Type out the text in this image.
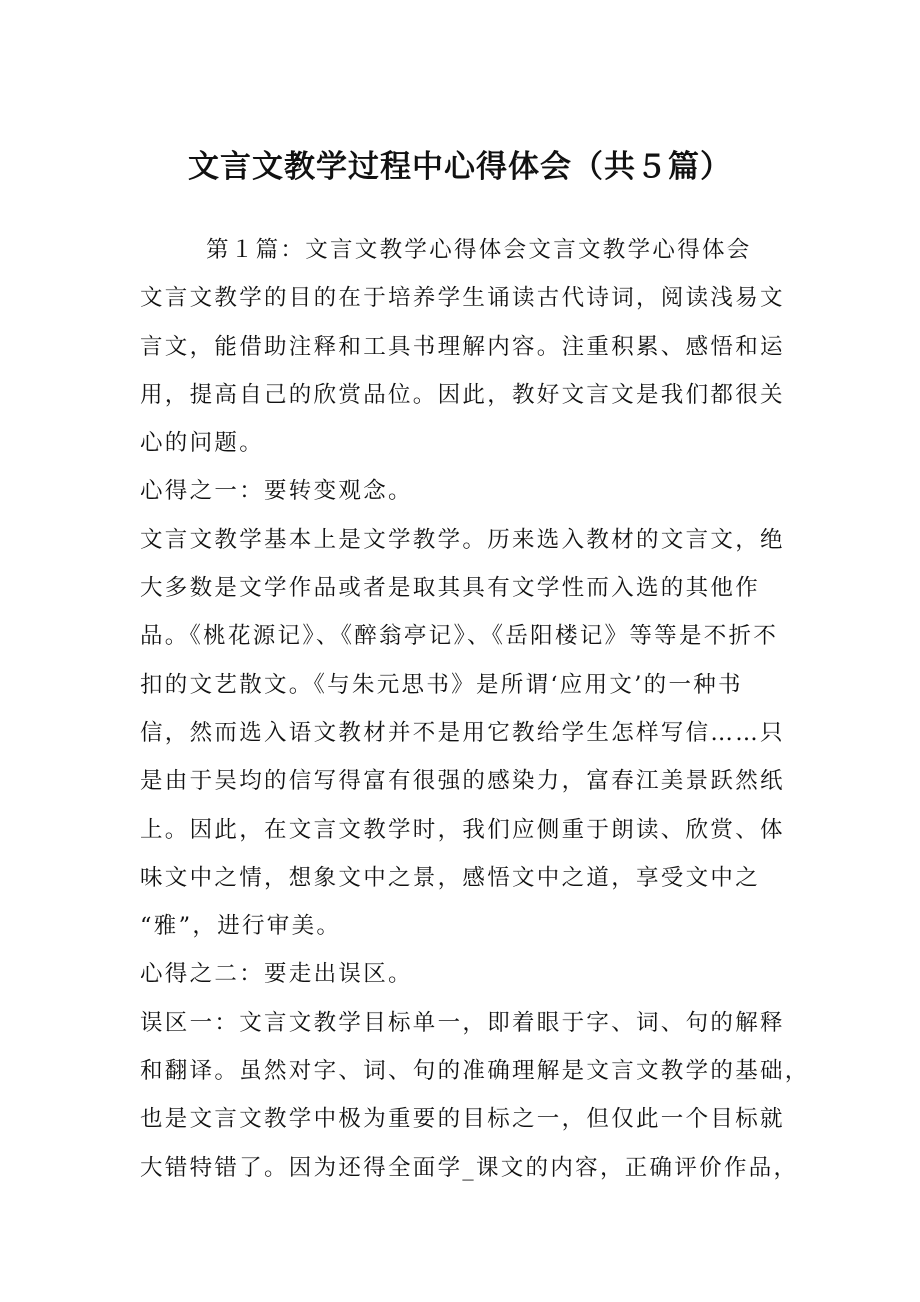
文言文教学过程中心得体会（共５篇）

第１篇：文言文教学心得体会文言文教学心得体会

文言文教学的目的在于培养学生诵读古代诗词，阅读浅易文

言文，能借助注释和工具书理解内容。注重积累、感悟和运

用，提高自己的欣赏品位。因此，教好文言文是我们都很关

心的问题。

心得之一：要转变观念。

文言文教学基本上是文学教学。历来选入教材的文言文，绝

大多数是文学作品或者是取其具有文学性而入选的其他作

品。《桃花源记》、《醉翁亭记》、《岳阳楼记》等等是不折不

扣的文艺散文。《与朱元思书》是所谓‘应用文’的一种书

信，然而选入语文教材并不是用它教给学生怎样写信……只

是由于吴均的信写得富有很强的感染力，富春江美景跃然纸

上。因此，在文言文教学时，我们应侧重于朗读、欣赏、体

味文中之情，想象文中之景，感悟文中之道，享受文中之

“雅”，进行审美。

心得之二：要走出误区。

误区一：文言文教学目标单一，即着眼于字、词、句的解释

和翻译。虽然对字、词、句的准确理解是文言文教学的基础，

也是文言文教学中极为重要的目标之一，但仅此一个目标就

大错特错了。因为还得全面学_课文的内容，正确评价作品，
